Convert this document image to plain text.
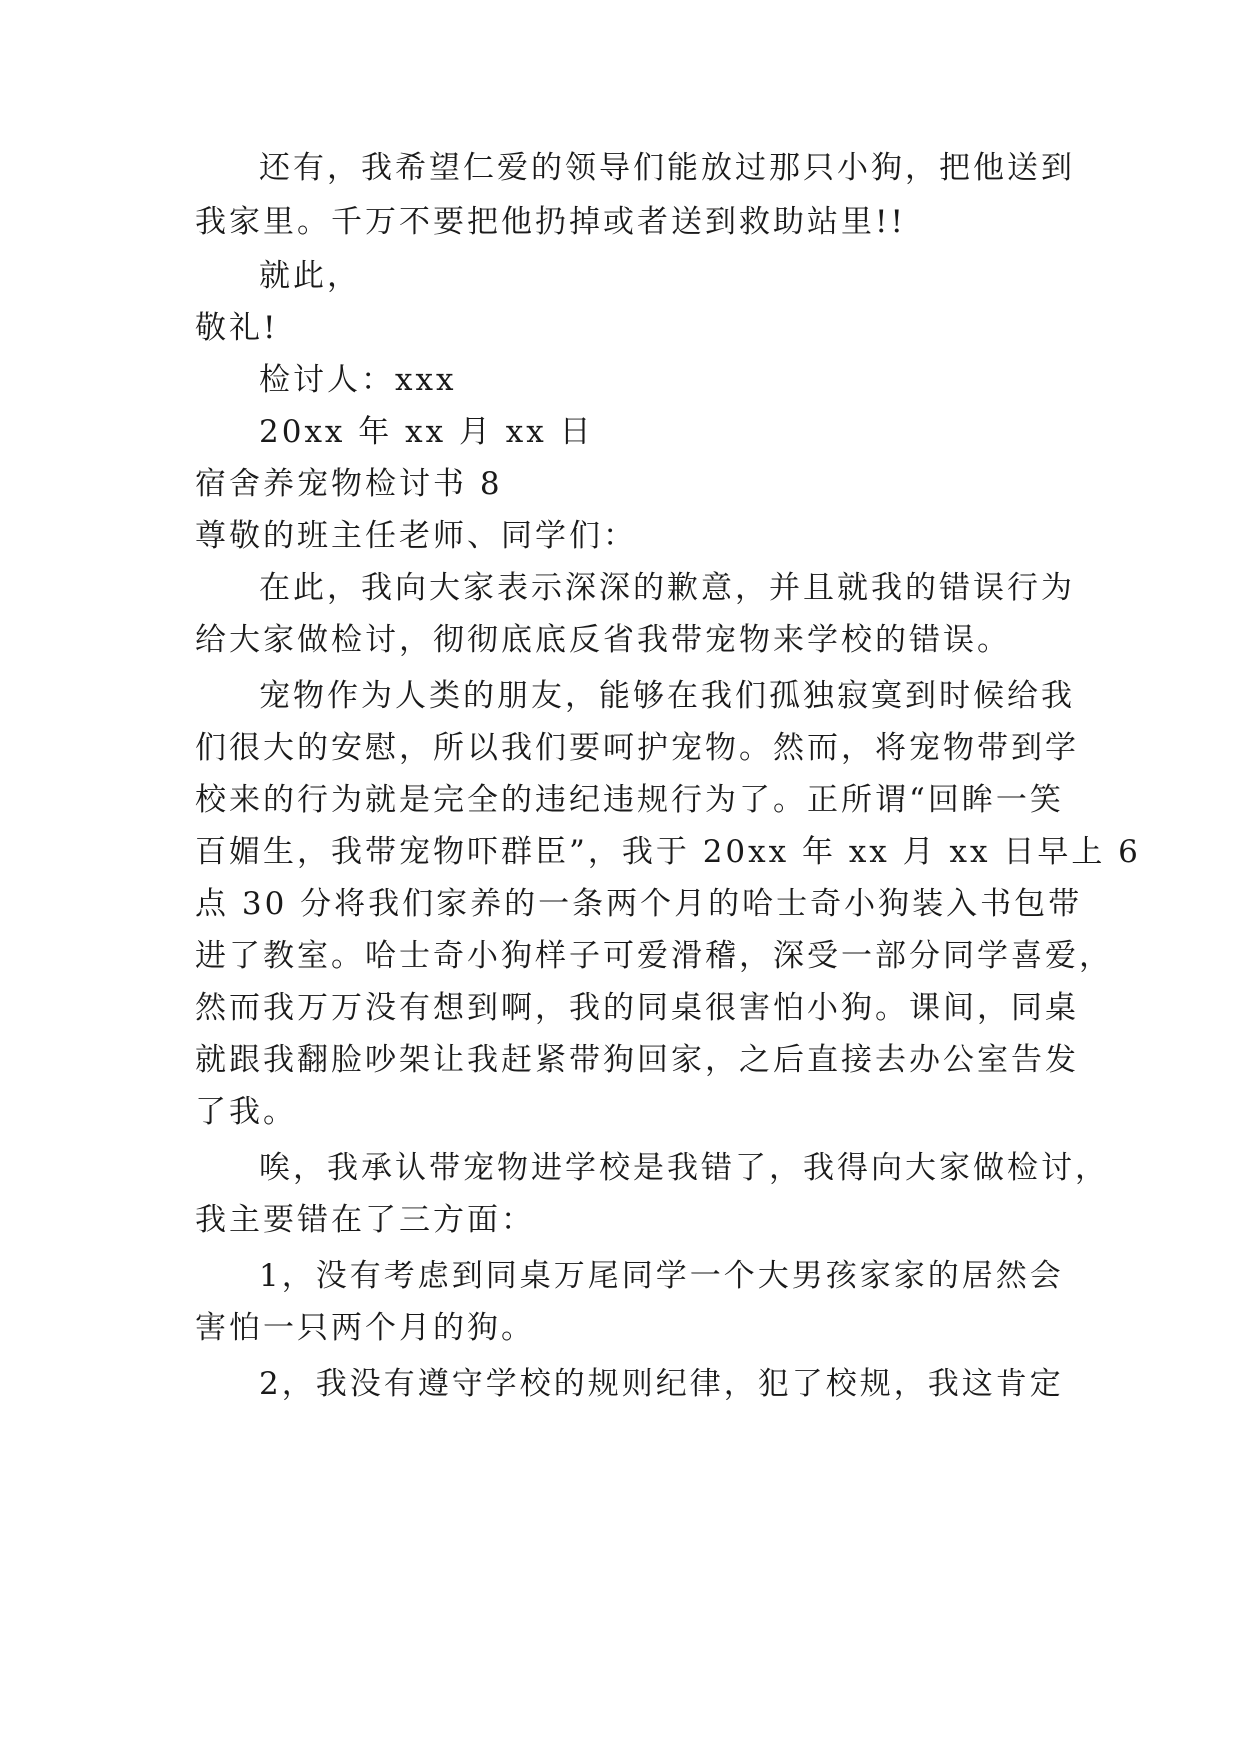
还有，我希望仁爱的领导们能放过那只小狗，把他送到
我家里。千万不要把他扔掉或者送到救助站里!!
就此，
敬礼!
检讨人：xxx
20xx 年 xx 月 xx 日
宿舍养宠物检讨书 8
尊敬的班主任老师、同学们：
在此，我向大家表示深深的歉意，并且就我的错误行为
给大家做检讨，彻彻底底反省我带宠物来学校的错误。
宠物作为人类的朋友，能够在我们孤独寂寞到时候给我
们很大的安慰，所以我们要呵护宠物。然而，将宠物带到学
校来的行为就是完全的违纪违规行为了。正所谓“回眸一笑
百媚生，我带宠物吓群臣”，我于 20xx 年 xx 月 xx 日早上 6
点 30 分将我们家养的一条两个月的哈士奇小狗装入书包带
进了教室。哈士奇小狗样子可爱滑稽，深受一部分同学喜爱，
然而我万万没有想到啊，我的同桌很害怕小狗。课间，同桌
就跟我翻脸吵架让我赶紧带狗回家，之后直接去办公室告发
了我。
唉，我承认带宠物进学校是我错了，我得向大家做检讨，
我主要错在了三方面：
1，没有考虑到同桌万尾同学一个大男孩家家的居然会
害怕一只两个月的狗。
2，我没有遵守学校的规则纪律，犯了校规，我这肯定
